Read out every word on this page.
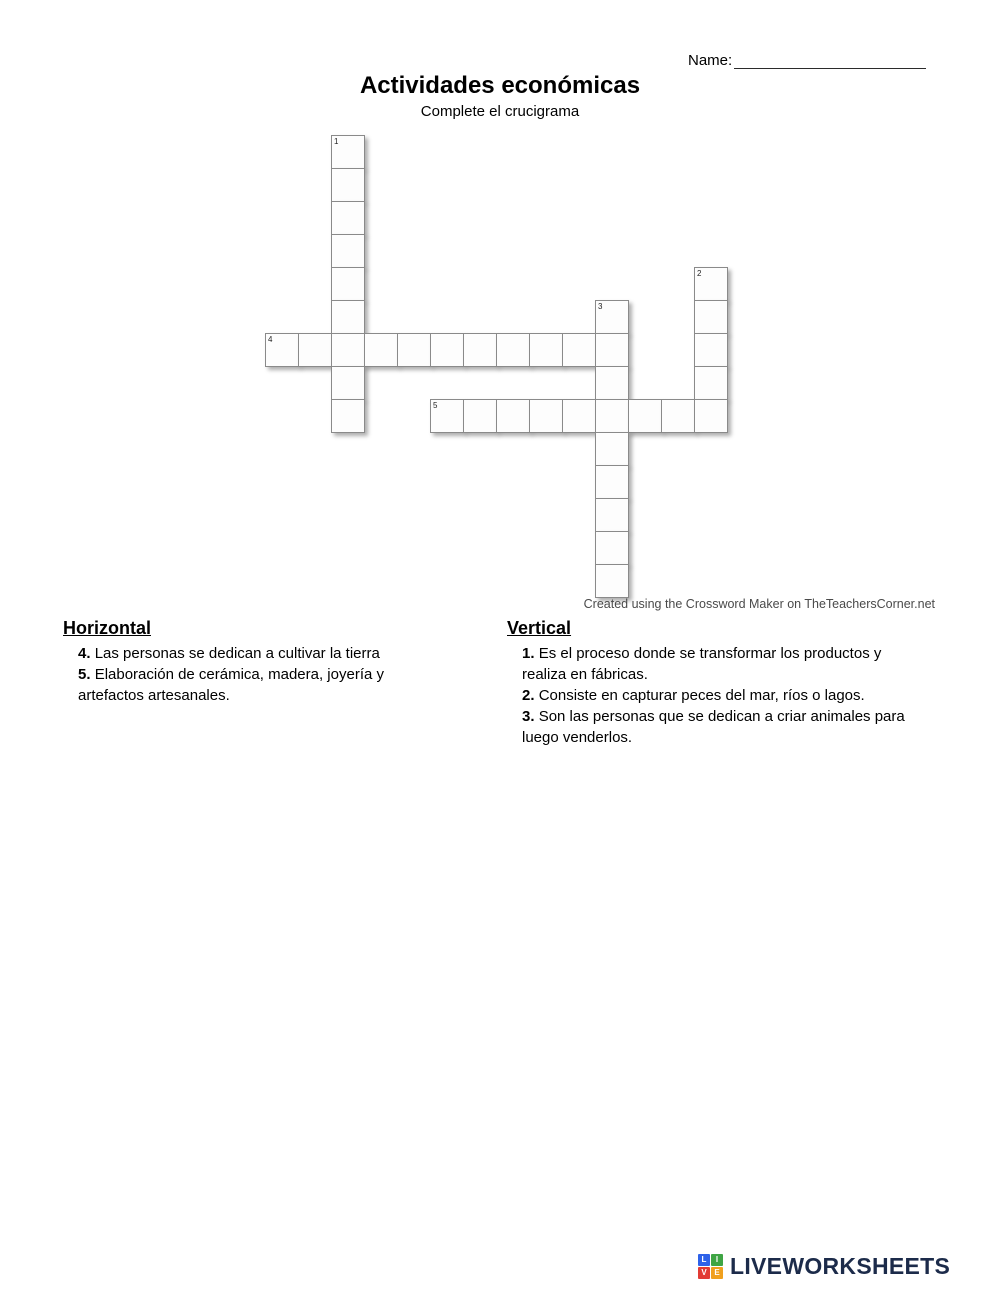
Name:
Actividades económicas
Complete el crucigrama
1
2
3
4
5
Created using the Crossword Maker on TheTeachersCorner.net

Horizontal

4. Las personas se dedican a cultivar la tierra

5. Elaboración de cerámica, madera, joyería y artefactos artesanales.

Vertical

1. Es el proceso donde se transformar los productos y realiza en fábricas.

2. Consiste en capturar peces del mar, ríos o lagos.

3. Son las personas que se dedican a criar animales para luego venderlos.

L	I
V E LIVEWORKSHEETS
